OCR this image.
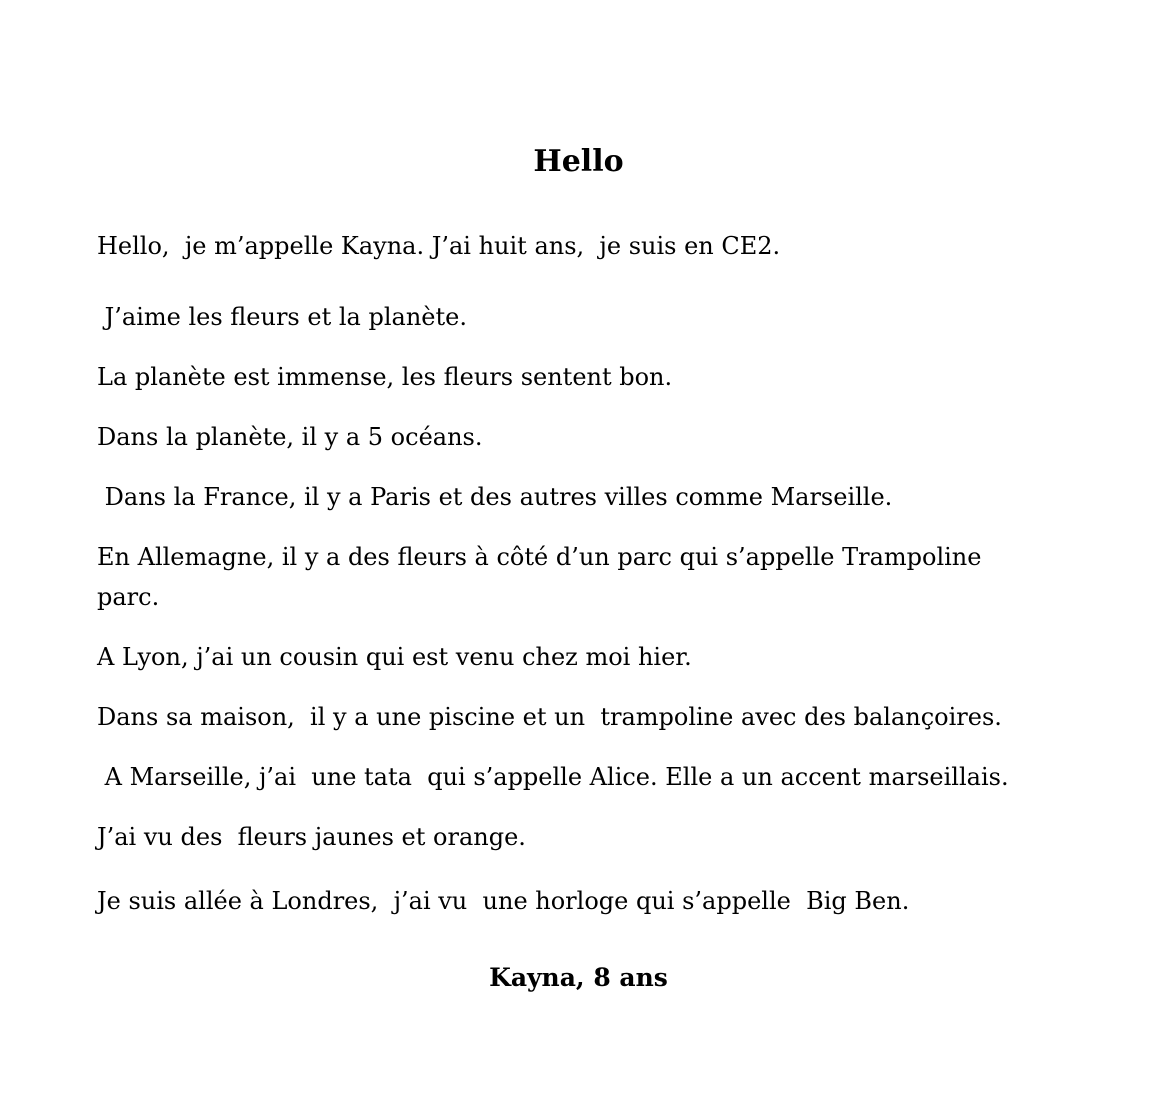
Hello
Hello,  je m’appelle Kayna. J’ai huit ans,  je suis en CE2.
J’aime les fleurs et la planète.
La planète est immense, les fleurs sentent bon.
Dans la planète, il y a 5 océans.
Dans la France, il y a Paris et des autres villes comme Marseille.
En Allemagne, il y a des fleurs à côté d’un parc qui s’appelle Trampoline parc.
A Lyon, j’ai un cousin qui est venu chez moi hier.
Dans sa maison,  il y a une piscine et un  trampoline avec des balançoires.
A Marseille, j’ai  une tata  qui s’appelle Alice. Elle a un accent marseillais.
J’ai vu des  fleurs jaunes et orange.
Je suis allée à Londres,  j’ai vu  une horloge qui s’appelle  Big Ben.
Kayna, 8 ans
